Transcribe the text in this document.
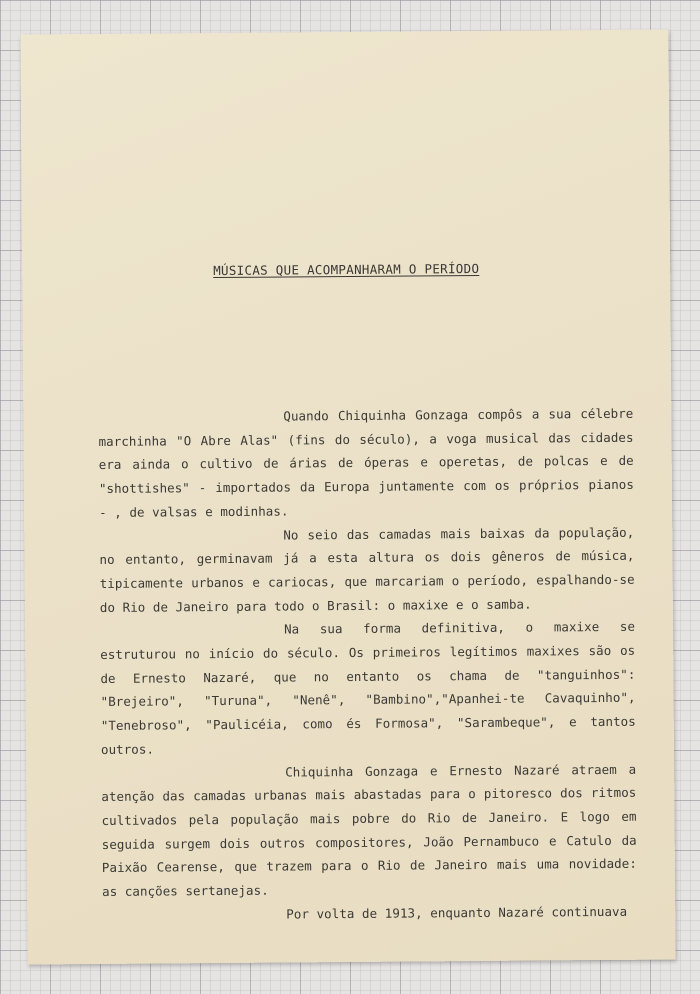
MÚSICAS QUE ACOMPANHARAM O PERÍODO

Quando Chiquinha Gonzaga compôs a sua célebre marchinha "O Abre Alas" (fins do século), a voga musical das cidades era ainda o cultivo de árias de óperas e operetas, de polcas e de "shottishes" - importados da Europa juntamente com os próprios pianos - , de valsas e modinhas.

No seio das camadas mais baixas da população, no entanto, germinavam já a esta altura os dois gêneros de música, tipicamente urbanos e cariocas, que marcariam o período, espalhando-se do Rio de Janeiro para todo o Brasil: o maxixe e o samba.

Na sua forma definitiva, o maxixe se estruturou no início do século. Os primeiros legítimos maxixes são os de Ernesto Nazaré, que no entanto os chama de "tanguinhos": "Brejeiro", "Turuna", "Nenê", "Bambino","Apanhei-te Cavaquinho", "Tenebroso", "Paulicéia, como és Formosa", "Sarambeque", e tantos outros.

Chiquinha Gonzaga e Ernesto Nazaré atraem a atenção das camadas urbanas mais abastadas para o pitoresco dos ritmos cultivados pela população mais pobre do Rio de Janeiro. E logo em seguida surgem dois outros compositores, João Pernambuco e Catulo da Paixão Cearense, que trazem para o Rio de Janeiro mais uma novidade: as canções sertanejas.

Por volta de 1913, enquanto Nazaré continuava
